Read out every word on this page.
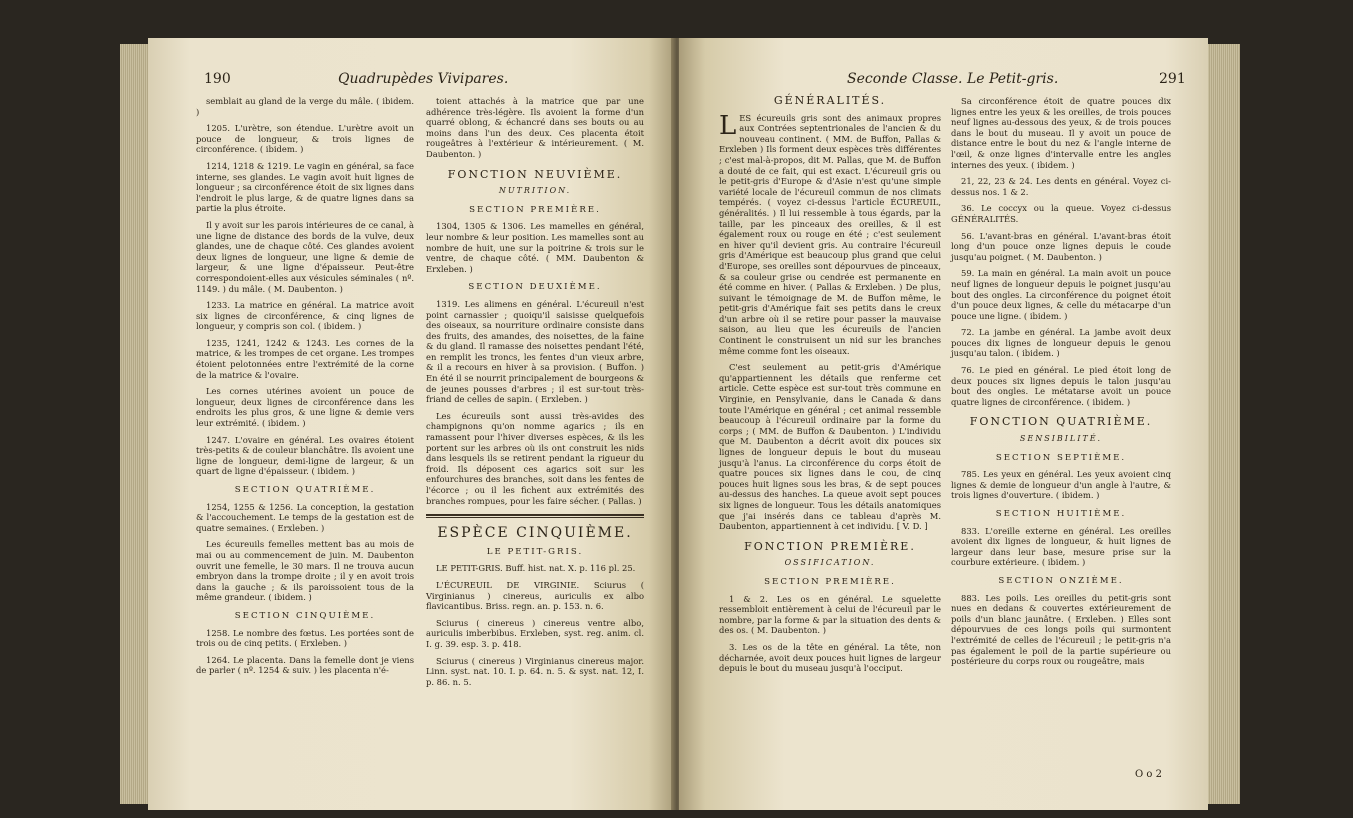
190	Quadrupèdes Vivipares.

semblait au gland de la verge du mâle. ( ibidem. )

1205. L'urètre, son étendue. L'urètre avoit un pouce de longueur, & trois lignes de circonférence. ( ibidem. )

1214, 1218 & 1219. Le vagin en général, sa face interne, ses glandes. Le vagin avoit huit lignes de longueur ; sa circonférence étoit de six lignes dans l'endroit le plus large, & de quatre lignes dans sa partie la plus étroite.

Il y avoit sur les parois intérieures de ce canal, à une ligne de distance des bords de la vulve, deux glandes, une de chaque côté. Ces glandes avoient deux lignes de longueur, une ligne & demie de largeur, & une ligne d'épaisseur. Peut-être correspondoient-elles aux vésicules séminales ( nº. 1149. ) du mâle. ( M. Daubenton. )

1233. La matrice en général. La matrice avoit six lignes de circonférence, & cinq lignes de longueur, y compris son col. ( ibidem. )

1235, 1241, 1242 & 1243. Les cornes de la matrice, & les trompes de cet organe. Les trompes étoient pelotonnées entre l'extrémité de la corne de la matrice & l'ovaire.

Les cornes utérines avoient un pouce de longueur, deux lignes de circonférence dans les endroits les plus gros, & une ligne & demie vers leur extrémité. ( ibidem. )

1247. L'ovaire en général. Les ovaires étoient très-petits & de couleur blanchâtre. Ils avoient une ligne de longueur, demi-ligne de largeur, & un quart de ligne d'épaisseur. ( ibidem. )

SECTION QUATRIÈME.

1254, 1255 & 1256. La conception, la gestation & l'accouchement. Le temps de la gestation est de quatre semaines. ( Erxleben. )

Les écureuils femelles mettent bas au mois de mai ou au commencement de juin. M. Daubenton ouvrit une femelle, le 30 mars. Il ne trouva aucun embryon dans la trompe droite ; il y en avoit trois dans la gauche ; & ils paroissoient tous de la même grandeur. ( ibidem. )

SECTION CINQUIÈME.

1258. Le nombre des fœtus. Les portées sont de trois ou de cinq petits. ( Erxleben. )

1264. Le placenta. Dans la femelle dont je viens de parler ( nº. 1254 & suiv. ) les placenta n'é-

toient attachés à la matrice que par une adhérence très-légère. Ils avoient la forme d'un quarré oblong, & échancré dans ses bouts ou au moins dans l'un des deux. Ces placenta étoit rougeâtres à l'extérieur & intérieurement. ( M. Daubenton. )

FONCTION NEUVIÈME.
NUTRITION.
SECTION PREMIÈRE.

1304, 1305 & 1306. Les mamelles en général, leur nombre & leur position. Les mamelles sont au nombre de huit, une sur la poitrine & trois sur le ventre, de chaque côté. ( MM. Daubenton & Erxleben. )

SECTION DEUXIÈME.

1319. Les alimens en général. L'écureuil n'est point carnassier ; quoiqu'il saisisse quelquefois des oiseaux, sa nourriture ordinaire consiste dans des fruits, des amandes, des noisettes, de la faine & du gland. Il ramasse des noisettes pendant l'été, en remplit les troncs, les fentes d'un vieux arbre, & il a recours en hiver à sa provision. ( Buffon. ) En été il se nourrit principalement de bourgeons & de jeunes pousses d'arbres ; il est sur-tout très-friand de celles de sapin. ( Erxleben. )

Les écureuils sont aussi très-avides des champignons qu'on nomme agarics ; ils en ramassent pour l'hiver diverses espèces, & ils les portent sur les arbres où ils ont construit les nids dans lesquels ils se retirent pendant la rigueur du froid. Ils déposent ces agarics soit sur les enfourchures des branches, soit dans les fentes de l'écorce ; ou il les fichent aux extrémités des branches rompues, pour les faire sécher. ( Pallas. )

ESPÈCE CINQUIÈME.
LE PETIT-GRIS.

LE PETIT-GRIS. Buff. hist. nat. X. p. 116 pl. 25.

L'ÉCUREUIL DE VIRGINIE. Sciurus ( Virginianus ) cinereus, auriculis ex albo flavicantibus. Briss. regn. an. p. 153. n. 6.

Sciurus ( cinereus ) cinereus ventre albo, auriculis imberbibus. Erxleben, syst. reg. anim. cl. I. g. 39. esp. 3. p. 418.

Sciurus ( cinereus ) Virginianus cinereus major. Linn. syst. nat. 10. I. p. 64. n. 5. & syst. nat. 12, I. p. 86. n. 5.

Seconde Classe. Le Petit-gris.	291
GÉNÉRALITÉS.

LES écureuils gris sont des animaux propres aux Contrées septentrionales de l'ancien & du nouveau continent. ( MM. de Buffon, Pallas & Erxleben ) Ils forment deux espèces très différentes ; c'est mal-à-propos, dit M. Pallas, que M. de Buffon a douté de ce fait, qui est exact. L'écureuil gris ou le petit-gris d'Europe & d'Asie n'est qu'une simple variété locale de l'écureuil commun de nos climats tempérés. ( voyez ci-dessus l'article ÉCUREUIL, généralités. ) Il lui ressemble à tous égards, par la taille, par les pinceaux des oreilles, & il est également roux ou rouge en été ; c'est seulement en hiver qu'il devient gris. Au contraire l'écureuil gris d'Amérique est beaucoup plus grand que celui d'Europe, ses oreilles sont dépourvues de pinceaux, & sa couleur grise ou cendrée est permanente en été comme en hiver. ( Pallas & Erxleben. ) De plus, suivant le témoignage de M. de Buffon même, le petit-gris d'Amérique fait ses petits dans le creux d'un arbre où il se retire pour passer la mauvaise saison, au lieu que les écureuils de l'ancien Continent le construisent un nid sur les branches même comme font les oiseaux.

C'est seulement au petit-gris d'Amérique qu'appartiennent les détails que renferme cet article. Cette espèce est sur-tout très commune en Virginie, en Pensylvanie, dans le Canada & dans toute l'Amérique en général ; cet animal ressemble beaucoup à l'écureuil ordinaire par la forme du corps ; ( MM. de Buffon & Daubenton. ) L'individu que M. Daubenton a décrit avoit dix pouces six lignes de longueur depuis le bout du museau jusqu'à l'anus. La circonférence du corps étoit de quatre pouces six lignes dans le cou, de cinq pouces huit lignes sous les bras, & de sept pouces au-dessus des hanches. La queue avoit sept pouces six lignes de longueur. Tous les détails anatomiques que j'ai insérés dans ce tableau d'après M. Daubenton, appartiennent à cet individu. [ V. D. ]

FONCTION PREMIÈRE.
OSSIFICATION.
SECTION PREMIÈRE.

1 & 2. Les os en général. Le squelette ressembloit entièrement à celui de l'écureuil par le nombre, par la forme & par la situation des dents & des os. ( M. Daubenton. )

3. Les os de la tête en général. La tête, non décharnée, avoit deux pouces huit lignes de largeur depuis le bout du museau jusqu'à l'occiput.

Sa circonférence étoit de quatre pouces dix lignes entre les yeux & les oreilles, de trois pouces neuf lignes au-dessous des yeux, & de trois pouces dans le bout du museau. Il y avoit un pouce de distance entre le bout du nez & l'angle interne de l'œil, & onze lignes d'intervalle entre les angles internes des yeux. ( ibidem. )

21, 22, 23 & 24. Les dents en général. Voyez ci-dessus nos. 1 & 2.

36. Le coccyx ou la queue. Voyez ci-dessus GÉNÉRALITÉS.

56. L'avant-bras en général. L'avant-bras étoit long d'un pouce onze lignes depuis le coude jusqu'au poignet. ( M. Daubenton. )

59. La main en général. La main avoit un pouce neuf lignes de longueur depuis le poignet jusqu'au bout des ongles. La circonférence du poignet étoit d'un pouce deux lignes, & celle du métacarpe d'un pouce une ligne. ( ibidem. )

72. La jambe en général. La jambe avoit deux pouces dix lignes de longueur depuis le genou jusqu'au talon. ( ibidem. )

76. Le pied en général. Le pied étoit long de deux pouces six lignes depuis le talon jusqu'au bout des ongles. Le métatarse avoit un pouce quatre lignes de circonférence. ( ibidem. )

FONCTION QUATRIÈME.
SENSIBILITÉ.
SECTION SEPTIÈME.

785. Les yeux en général. Les yeux avoient cinq lignes & demie de longueur d'un angle à l'autre, & trois lignes d'ouverture. ( ibidem. )

SECTION HUITIÈME.

833. L'oreille externe en général. Les oreilles avoient dix lignes de longueur, & huit lignes de largeur dans leur base, mesure prise sur la courbure extérieure. ( ibidem. )

SECTION ONZIÈME.

883. Les poils. Les oreilles du petit-gris sont nues en dedans & couvertes extérieurement de poils d'un blanc jaunâtre. ( Erxleben. ) Elles sont dépourvues de ces longs poils qui surmontent l'extrémité de celles de l'écureuil ; le petit-gris n'a pas également le poil de la partie supérieure ou postérieure du corps roux ou rougeâtre, mais

O o 2
